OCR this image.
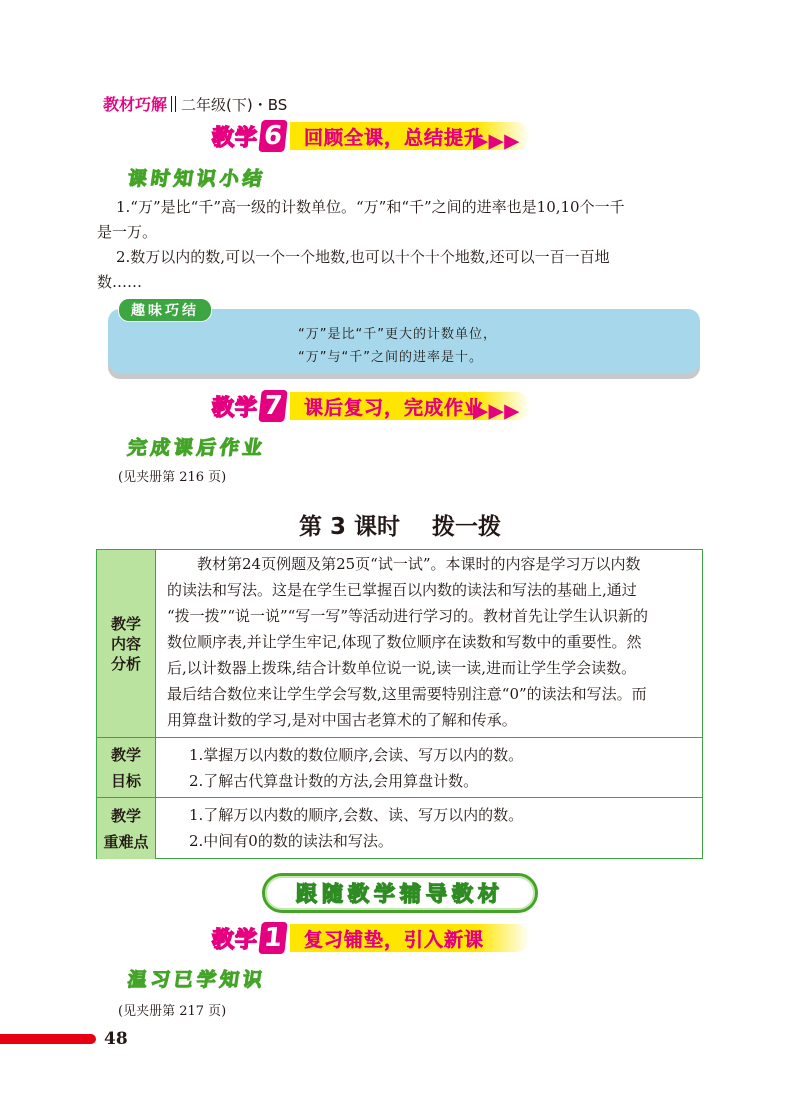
教材巧解 二年级(下)・BS
教学 6 回顾全课，总结提升
▶▶▶
课时知识小结
1.“万”是比“千”高一级的计数单位。“万”和“千”之间的进率也是10,10个一千
是一万。
2.数万以内的数,可以一个一个地数,也可以十个十个地数,还可以一百一百地
数……
趣味巧结
“万”是比“千”更大的计数单位，
“万”与“千”之间的进率是十。
教学 7 课后复习，完成作业
▶▶▶
完成课后作业
(见夹册第 216 页)
第 3 课时    拨一拨
教学
内容
分析
教材第24页例题及第25页“试一试”。本课时的内容是学习万以内数
的读法和写法。这是在学生已掌握百以内数的读法和写法的基础上,通过
“拨一拨”“说一说”“写一写”等活动进行学习的。教材首先让学生认识新的
数位顺序表,并让学生牢记,体现了数位顺序在读数和写数中的重要性。然
后,以计数器上拨珠,结合计数单位说一说,读一读,进而让学生学会读数。
最后结合数位来让学生学会写数,这里需要特别注意“0”的读法和写法。而
用算盘计数的学习,是对中国古老算术的了解和传承。
教学
目标
1.掌握万以内数的数位顺序,会读、写万以内的数。
2.了解古代算盘计数的方法,会用算盘计数。
教学
重难点
1.了解万以内数的顺序,会数、读、写万以内的数。
2.中间有0的数的读法和写法。
跟随教学辅导教材
教学 1 复习铺垫，引入新课
温习已学知识
(见夹册第 217 页)
48
